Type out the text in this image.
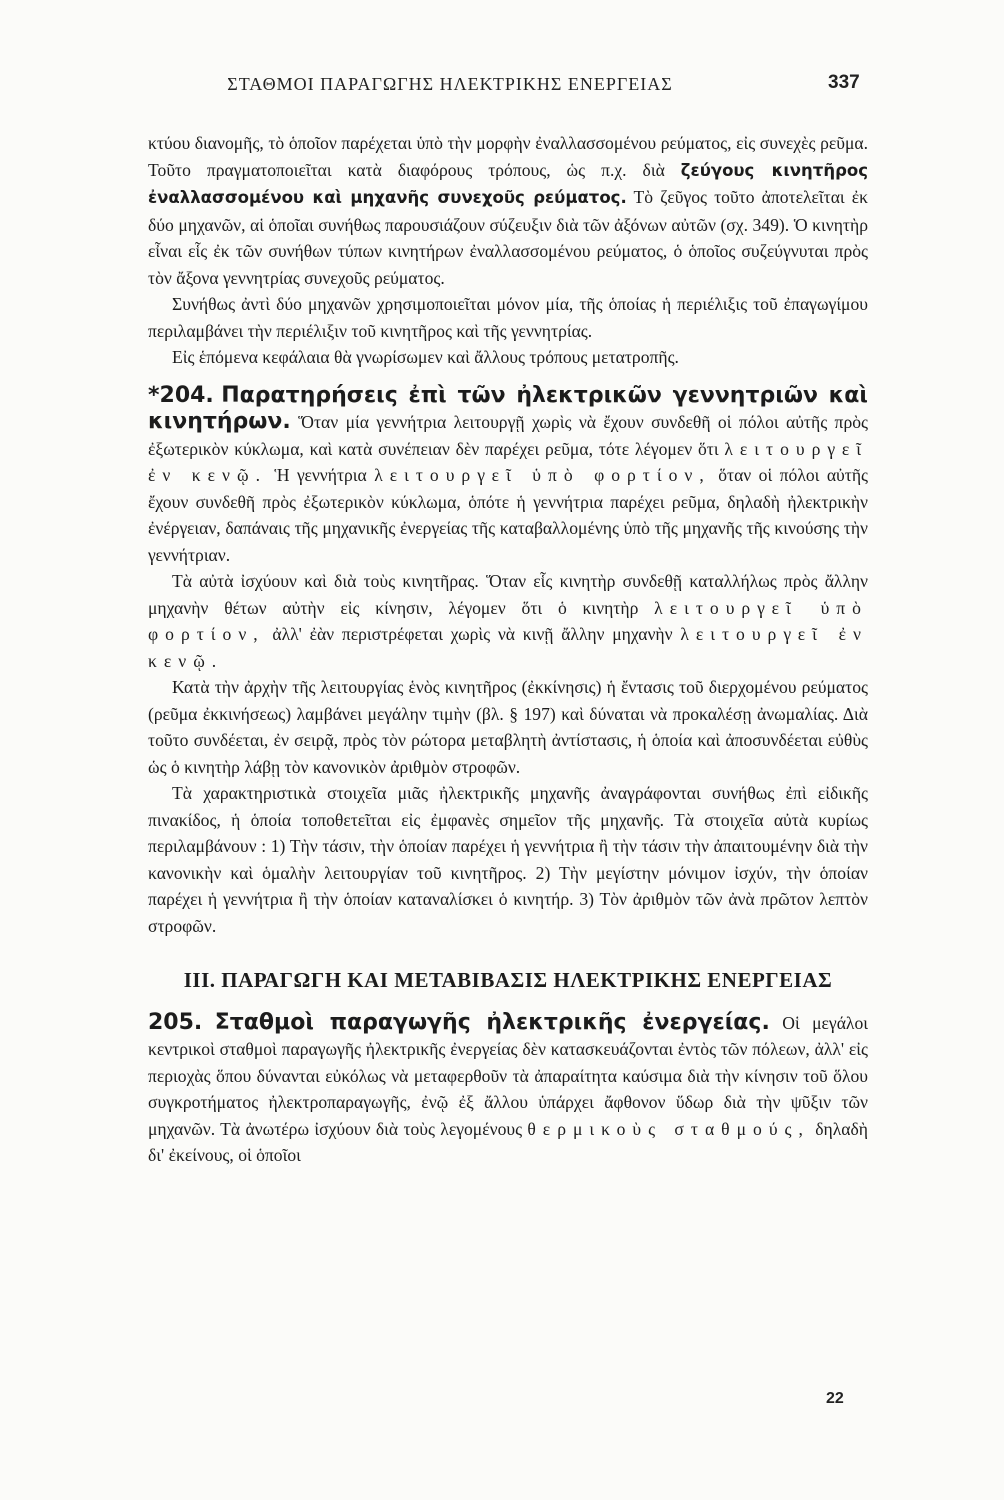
ΣΤΑΘΜΟΙ ΠΑΡΑΓΩΓΗΣ ΗΛΕΚΤΡΙΚΗΣ ΕΝΕΡΓΕΙΑΣ	337

κτύου διανομῆς, τὸ ὁποῖον παρέχεται ὑπὸ τὴν μορφὴν ἐναλλασσομένου ρεύματος, εἰς συνεχὲς ρεῦμα. Τοῦτο πραγματοποιεῖται κατὰ διαφόρους τρόπους, ὡς π.χ. διὰ ζεύγους κινητῆρος ἐναλλασσομένου καὶ μηχανῆς συνεχοῦς ρεύματος. Τὸ ζεῦγος τοῦτο ἀποτελεῖται ἐκ δύο μηχανῶν, αἱ ὁποῖαι συνήθως παρουσιάζουν σύζευξιν διὰ τῶν ἀξόνων αὐτῶν (σχ. 349). Ὁ κινητὴρ εἶναι εἷς ἐκ τῶν συνήθων τύπων κινητήρων ἐναλλασσομένου ρεύματος, ὁ ὁποῖος συζεύγνυται πρὸς τὸν ἄξονα γεννητρίας συνεχοῦς ρεύματος.

Συνήθως ἀντὶ δύο μηχανῶν χρησιμοποιεῖται μόνον μία, τῆς ὁποίας ἡ περιέλιξις τοῦ ἐπαγωγίμου περιλαμβάνει τὴν περιέλιξιν τοῦ κινητῆρος καὶ τῆς γεννητρίας.

Εἰς ἑπόμενα κεφάλαια θὰ γνωρίσωμεν καὶ ἄλλους τρόπους μετατροπῆς.

*204. Παρατηρήσεις ἐπὶ τῶν ἠλεκτρικῶν γεννητριῶν καὶ κινητήρων. Ὅταν μία γεννήτρια λειτουργῇ χωρὶς νὰ ἔχουν συνδεθῆ οἱ πόλοι αὐτῆς πρὸς ἐξωτερικὸν κύκλωμα, καὶ κατὰ συνέπειαν δὲν παρέχει ρεῦμα, τότε λέγομεν ὅτι λειτουργεῖ ἐν κενῷ. Ἡ γεννήτρια λειτουργεῖ ὑπὸ φορτίον, ὅταν οἱ πόλοι αὐτῆς ἔχουν συνδεθῆ πρὸς ἐξωτερικὸν κύκλωμα, ὁπότε ἡ γεννήτρια παρέχει ρεῦμα, δηλαδὴ ἠλεκτρικὴν ἐνέργειαν, δαπάναις τῆς μηχανικῆς ἐνεργείας τῆς καταβαλλομένης ὑπὸ τῆς μηχανῆς τῆς κινούσης τὴν γεννήτριαν.

Τὰ αὐτὰ ἰσχύουν καὶ διὰ τοὺς κινητῆρας. Ὅταν εἷς κινητὴρ συνδεθῇ καταλλήλως πρὸς ἄλλην μηχανὴν θέτων αὐτὴν εἰς κίνησιν, λέγομεν ὅτι ὁ κινητὴρ λειτουργεῖ ὑπὸ φορτίον, ἀλλ' ἐὰν περιστρέφεται χωρὶς νὰ κινῇ ἄλλην μηχανὴν λειτουργεῖ ἐν κενῷ.

Κατὰ τὴν ἀρχὴν τῆς λειτουργίας ἑνὸς κινητῆρος (ἐκκίνησις) ἡ ἔντασις τοῦ διερχομένου ρεύματος (ρεῦμα ἐκκινήσεως) λαμβάνει μεγάλην τιμὴν (βλ. § 197) καὶ δύναται νὰ προκαλέσῃ ἀνωμαλίας. Διὰ τοῦτο συνδέεται, ἐν σειρᾷ, πρὸς τὸν ρώτορα μεταβλητὴ ἀντίστασις, ἡ ὁποία καὶ ἀποσυνδέεται εὐθὺς ὡς ὁ κινητὴρ λάβῃ τὸν κανονικὸν ἀριθμὸν στροφῶν.

Τὰ χαρακτηριστικὰ στοιχεῖα μιᾶς ἠλεκτρικῆς μηχανῆς ἀναγράφονται συνήθως ἐπὶ εἰδικῆς πινακίδος, ἡ ὁποία τοποθετεῖται εἰς ἐμφανὲς σημεῖον τῆς μηχανῆς. Τὰ στοιχεῖα αὐτὰ κυρίως περιλαμβάνουν : 1) Τὴν τάσιν, τὴν ὁποίαν παρέχει ἡ γεννήτρια ἢ τὴν τάσιν τὴν ἀπαιτουμένην διὰ τὴν κανονικὴν καὶ ὁμαλὴν λειτουργίαν τοῦ κινητῆρος. 2) Τὴν μεγίστην μόνιμον ἰσχύν, τὴν ὁποίαν παρέχει ἡ γεννήτρια ἢ τὴν ὁποίαν καταναλίσκει ὁ κινητήρ. 3) Τὸν ἀριθμὸν τῶν ἀνὰ πρῶτον λεπτὸν στροφῶν.

ΙΙΙ. ΠΑΡΑΓΩΓΗ ΚΑΙ ΜΕΤΑΒΙΒΑΣΙΣ ΗΛΕΚΤΡΙΚΗΣ ΕΝΕΡΓΕΙΑΣ

205. Σταθμοὶ παραγωγῆς ἠλεκτρικῆς ἐνεργείας. Οἱ μεγάλοι κεντρικοὶ σταθμοὶ παραγωγῆς ἠλεκτρικῆς ἐνεργείας δὲν κατασκευάζονται ἐντὸς τῶν πόλεων, ἀλλ' εἰς περιοχὰς ὅπου δύνανται εὐκόλως νὰ μεταφερθοῦν τὰ ἀπαραίτητα καύσιμα διὰ τὴν κίνησιν τοῦ ὅλου συγκροτήματος ἠλεκτροπαραγωγῆς, ἐνῷ ἐξ ἄλλου ὑπάρχει ἄφθονον ὕδωρ διὰ τὴν ψῦξιν τῶν μηχανῶν. Τὰ ἀνωτέρω ἰσχύουν διὰ τοὺς λεγομένους θερμικοὺς σταθμούς, δηλαδὴ δι' ἐκείνους, οἱ ὁποῖοι

22
